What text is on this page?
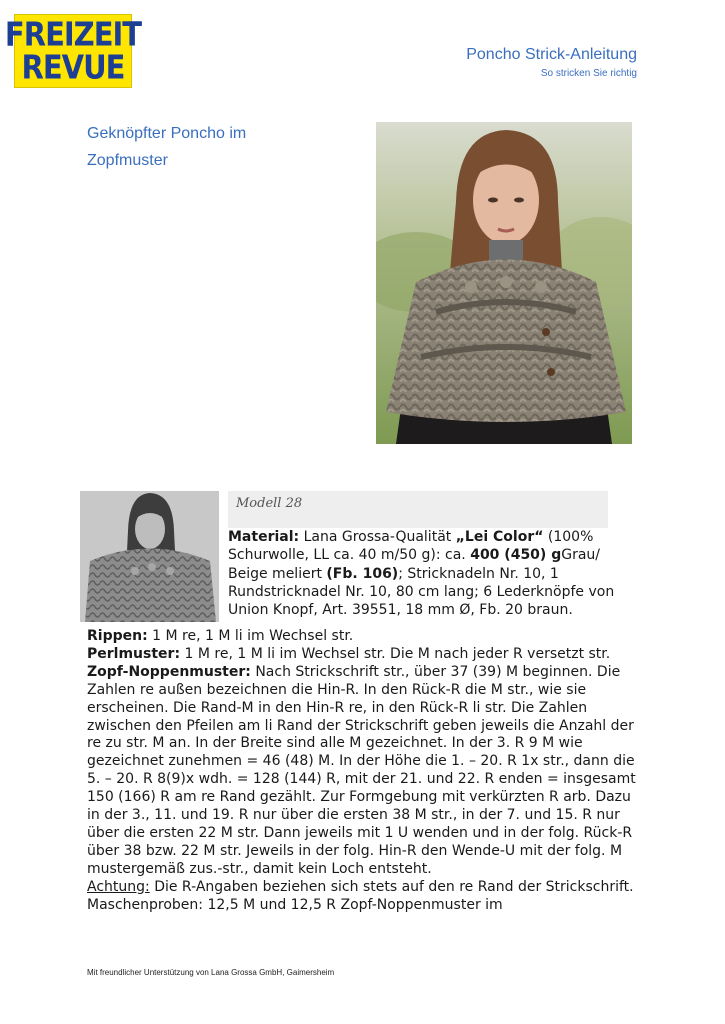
FREIZEIT
REVUE	Poncho Strick-Anleitung
So stricken Sie richtig
Geknöpfter Poncho im
Zopfmuster
Modell 28
Material: Lana Grossa-Qualität „Lei Color“ (100% Schurwolle, LL ca. 40 m/50 g): ca. 400 (450) gGrau/ Beige meliert (Fb. 106); Stricknadeln Nr. 10, 1 Rundstricknadel Nr. 10, 80 cm lang; 6 Lederknöpfe von Union Knopf, Art. 39551, 18 mm Ø, Fb. 20 braun.

Rippen: 1 M re, 1 M li im Wechsel str.

Perlmuster: 1 M re, 1 M li im Wechsel str. Die M nach jeder R versetzt str.

Zopf-Noppenmuster: Nach Strickschrift str., über 37 (39) M beginnen. Die Zahlen re außen bezeichnen die Hin-R. In den Rück-R die M str., wie sie erscheinen. Die Rand-M in den Hin-R re, in den Rück-R li str. Die Zahlen zwischen den Pfeilen am li Rand der Strickschrift geben jeweils die Anzahl der re zu str. M an. In der Breite sind alle M gezeichnet. In der 3. R 9 M wie gezeichnet zunehmen = 46 (48) M. In der Höhe die 1. – 20. R 1x str., dann die 5. – 20. R 8(9)x wdh. = 128 (144) R, mit der 21. und 22. R enden = insgesamt 150 (166) R am re Rand gezählt. Zur Formgebung mit verkürzten R arb. Dazu in der 3., 11. und 19. R nur über die ersten 38 M str., in der 7. und 15. R nur über die ersten 22 M str. Dann jeweils mit 1 U wenden und in der folg. Rück-R über 38 bzw. 22 M str. Jeweils in der folg. Hin-R den Wende-U mit der folg. M mustergemäß zus.-str., damit kein Loch entsteht.

Achtung: Die R-Angaben beziehen sich stets auf den re Rand der Strickschrift. Maschenproben: 12,5 M und 12,5 R Zopf-Noppenmuster im

Mit freundlicher Unterstützung von Lana Grossa GmbH, Gaimersheim
